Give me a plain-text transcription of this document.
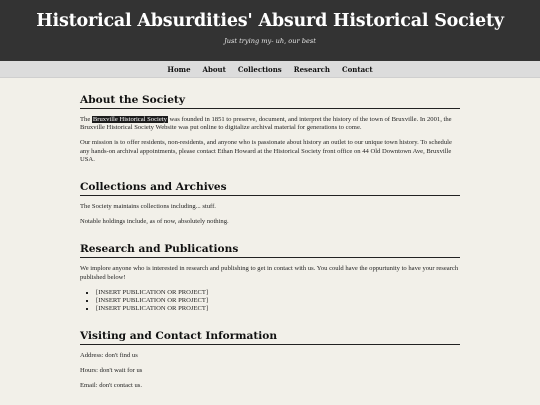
Historical Absurdities' Absurd Historical Society
Just trying my- uh, our best
Home About Collections Research Contact
About the Society

The Bruxville Historical Society was founded in 1851 to preserve, document, and interpret the history of the town of Bruxville. In 2001, the Bruxville Historical Society Website was put online to digitalize archival material for generations to come.

Our mission is to offer residents, non-residents, and anyone who is passionate about history an outlet to our unique town history. To schedule any hands-on archival appointments, please contact Ethan Howard at the Historical Society front office on 44 Old Downtown Ave, Bruxville USA.

Collections and Archives

The Society maintains collections including... stuff.

Notable holdings include, as of now, absolutely nothing.

Research and Publications

We implore anyone who is interested in research and publishing to get in contact with us. You could have the oppurtunity to have your research published below!

▪ [INSERT PUBLICATION OR PROJECT]
▪ [INSERT PUBLICATION OR PROJECT]
▪ [INSERT PUBLICATION OR PROJECT]
Visiting and Contact Information

Address: don't find us

Hours: don't wait for us

Email: don't contact us.
